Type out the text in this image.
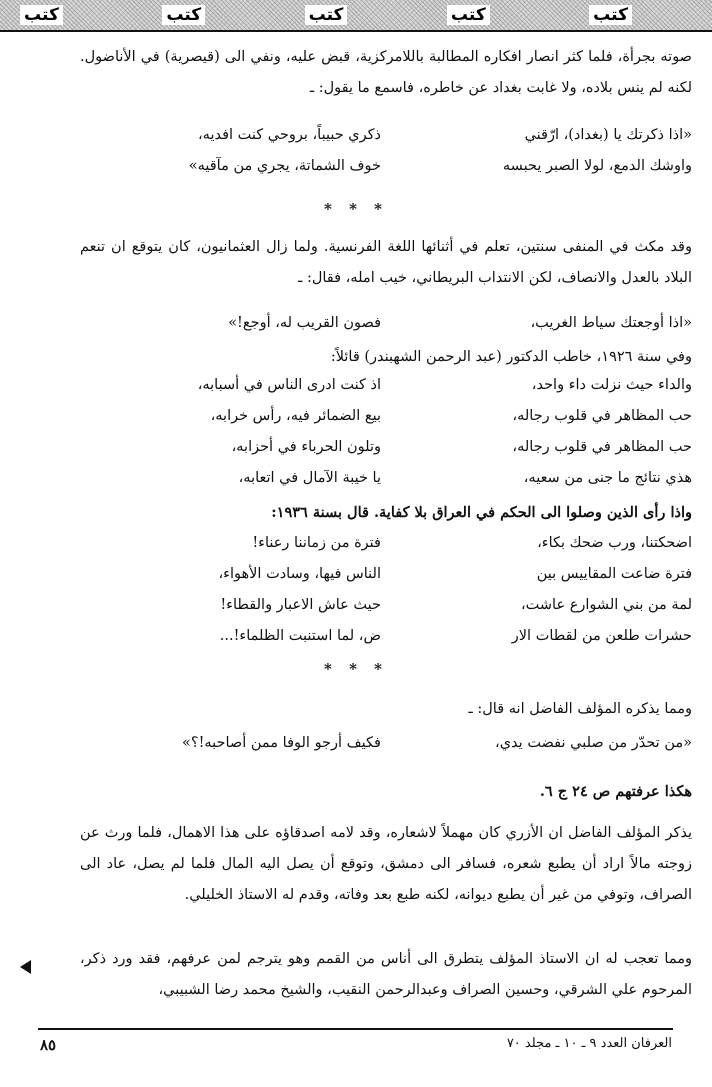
كتب	كتب	كتب	كتب	كتب

صوته بجرأة، فلما كثر انصار افكاره المطالبة باللامركزية، قبض عليه، ونفي الى (قيصرية) في الأناضول. لكنه لم ينس بلاده، ولا غابت بغداد عن خاطره، فاسمع ما يقول: ـ

«اذا ذكرتك يا (بغداد)، ارّقني
ذكري حبيباً، بروحي كنت افديه،
واوشك الدمع، لولا الصبر يحبسه
خوف الشماتة، يجري من مآقيه»
* * *

وقد مكث في المنفى سنتين، تعلم في أثنائها اللغة الفرنسية. ولما زال العثمانيون، كان يتوقع ان تنعم البلاد بالعدل والانصاف، لكن الانتداب البريطاني، خيب امله، فقال: ـ

«اذا أوجعتك سياط الغريب،
فصون القريب له، أوجع!»

وفي سنة ١٩٢٦، خاطب الدكتور (عبد الرحمن الشهبندر) قائلاً:

والداء حيث نزلت داء واحد،
اذ كنت ادرى الناس في أسبابه،
حب المظاهر في قلوب رجاله،
بيع الضمائر فيه، رأس خرابه،
حب المظاهر في قلوب رجاله،
وتلون الحرباء في أحزابه،
هذي نتائج ما جنى من سعيه،
يا خيبة الآمال في اتعابه،

واذا رأى الذين وصلوا الى الحكم في العراق بلا كفاية. قال بسنة ١٩٣٦:

اضحكتنا، ورب ضحك بكاء،
فترة من زماننا رعناء!
فترة ضاعت المقاييس بين
الناس فيها، وسادت الأهواء،
لمة من بني الشوارع عاشت،
حيث عاش الاعبار والقطاء!
حشرات طلعن من لقطات الار
ض، لما استنبت الظلماء!...
* * *

ومما يذكره المؤلف الفاضل انه قال: ـ

«من تحدّر من صلبي نفضت يدي،
فكيف أرجو الوفا ممن أصاحبه!؟»

هكذا عرفتهم ص ٢٤ ج ٦.

يذكر المؤلف الفاضل ان الأزري كان مهملاً لاشعاره، وقد لامه اصدقاؤه على هذا الاهمال، فلما ورث عن زوجته مالاً اراد أن يطبع شعره، فسافر الى دمشق، وتوقع أن يصل اليه المال فلما لم يصل، عاد الى الصراف، وتوفي من غير أن يطبع ديوانه، لكنه طبع بعد وفاته، وقدم له الاستاذ الخليلي.

ومما تعجب له ان الاستاذ المؤلف يتطرق الى أناس من القمم وهو يترجم لمن عرفهم، فقد ورد ذكر، المرحوم علي الشرقي، وحسين الصراف وعبدالرحمن النقيب، والشيخ محمد رضا الشبيبي،

العرفان العدد ٩ ـ ١٠ ـ مجلد ٧٠
٨٥
